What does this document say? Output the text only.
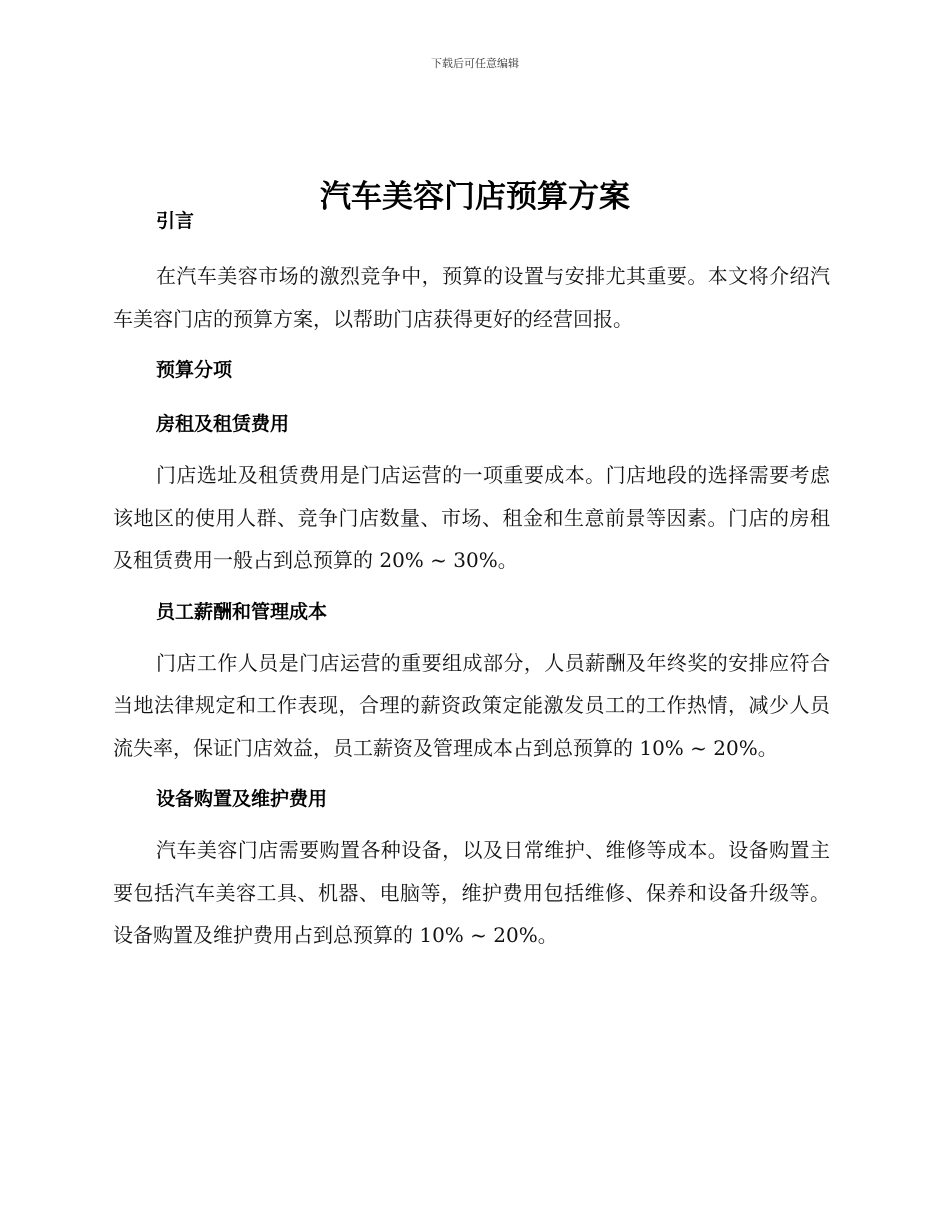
下载后可任意编辑
汽车美容门店预算方案
引言

在汽车美容市场的激烈竞争中，预算的设置与安排尤其重要。本文将介绍汽车美容门店的预算方案，以帮助门店获得更好的经营回报。

预算分项
房租及租赁费用

门店选址及租赁费用是门店运营的一项重要成本。门店地段的选择需要考虑该地区的使用人群、竞争门店数量、市场、租金和生意前景等因素。门店的房租及租赁费用一般占到总预算的 20% ~ 30%。

员工薪酬和管理成本

门店工作人员是门店运营的重要组成部分，人员薪酬及年终奖的安排应符合当地法律规定和工作表现，合理的薪资政策定能激发员工的工作热情，减少人员流失率，保证门店效益，员工薪资及管理成本占到总预算的 10% ~ 20%。

设备购置及维护费用

汽车美容门店需要购置各种设备，以及日常维护、维修等成本。设备购置主要包括汽车美容工具、机器、电脑等，维护费用包括维修、保养和设备升级等。设备购置及维护费用占到总预算的 10% ~ 20%。
